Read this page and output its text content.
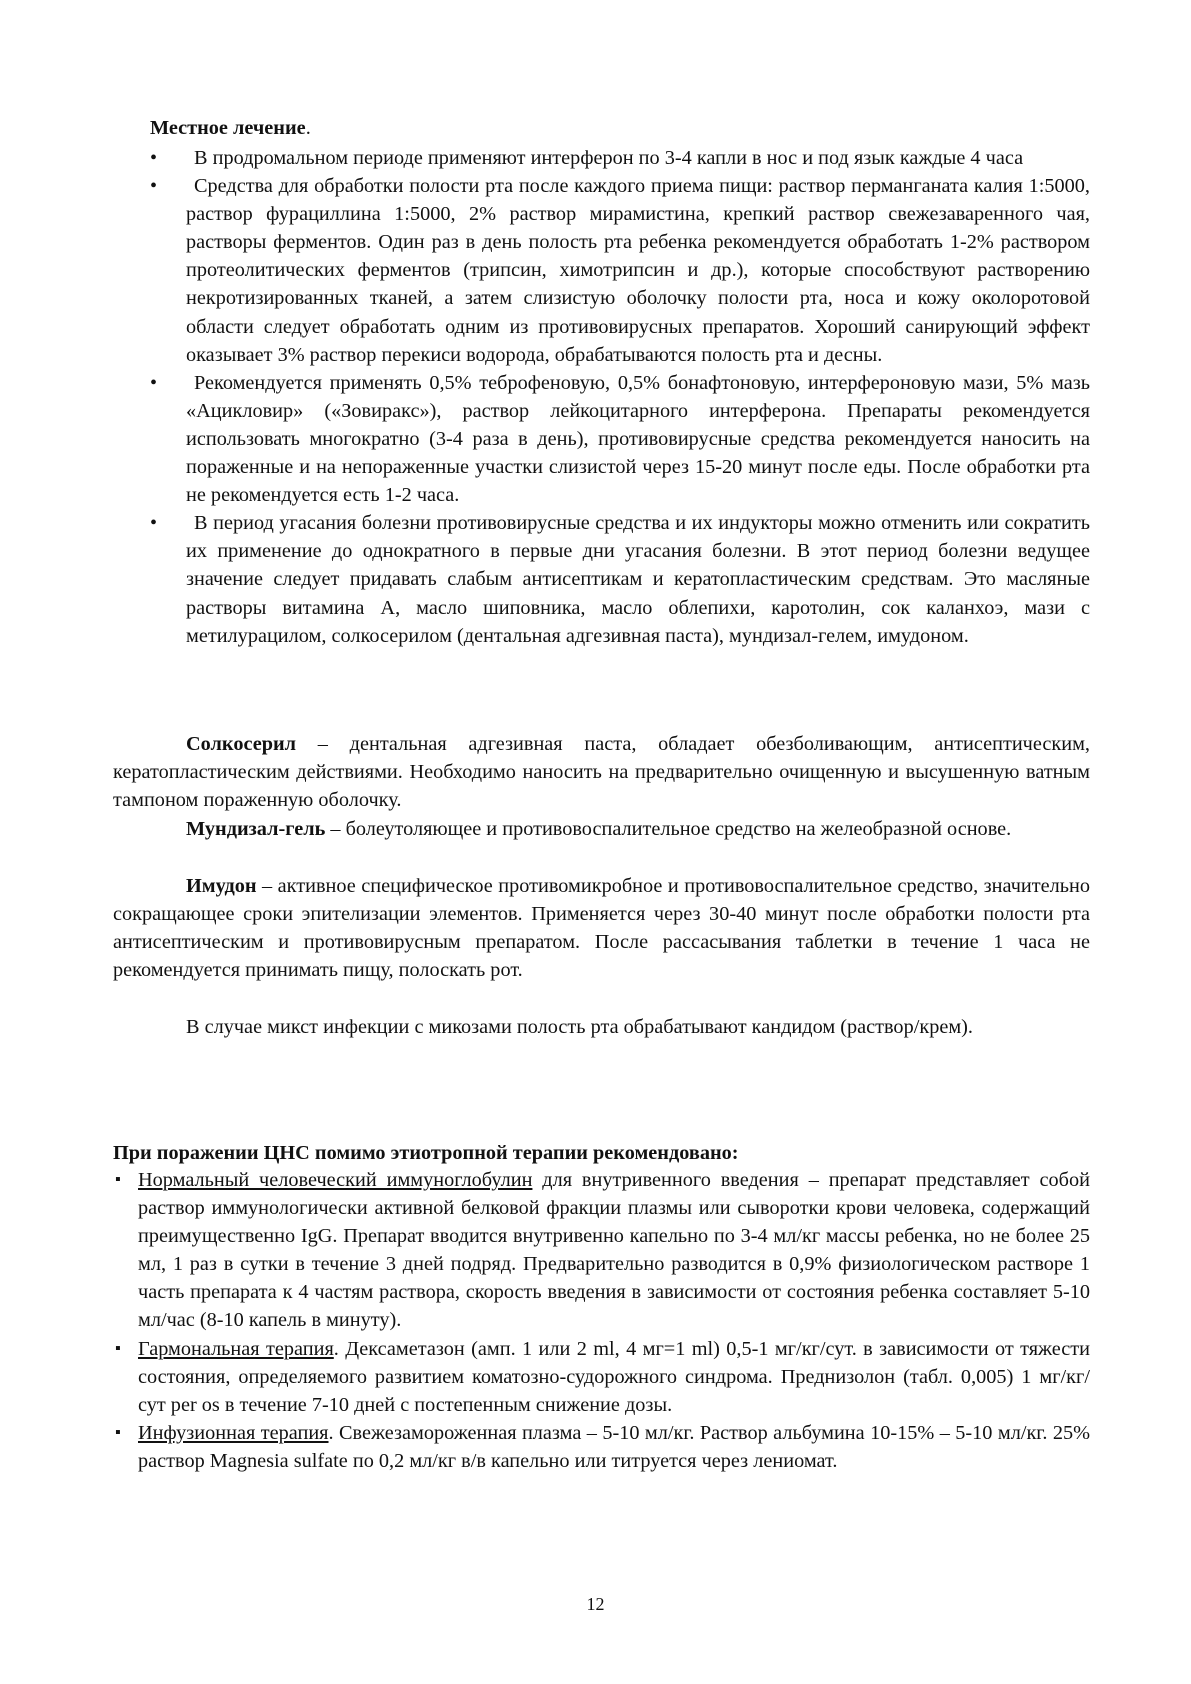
Местное лечение.

• В продромальном периоде применяют интерферон по 3-4 капли в нос и под язык каждые 4 часа
• Средства для обработки полости рта после каждого приема пищи: раствор перманганата калия 1:5000, раствор фурациллина 1:5000, 2% раствор мирамистина, крепкий раствор свежезаваренного чая, растворы ферментов. Один раз в день полость рта ребенка рекомендуется обработать 1-2% раствором протеолитических ферментов (трипсин, химотрипсин и др.), которые способствуют растворению некротизированных тканей, а затем слизистую оболочку полости рта, носа и кожу околоротовой области следует обработать одним из противовирусных препаратов. Хороший санирующий эффект оказывает 3% раствор перекиси водорода, обрабатываются полость рта и десны.
• Рекомендуется применять 0,5% теброфеновую, 0,5% бонафтоновую, интерфероновую мази, 5% мазь «Ацикловир» («Зовиракс»), раствор лейкоцитарного интерферона. Препараты рекомендуется использовать многократно (3-4 раза в день), противовирусные средства рекомендуется наносить на пораженные и на непораженные участки слизистой через 15-20 минут после еды. После обработки рта не рекомендуется есть 1-2 часа.
• В период угасания болезни противовирусные средства и их индукторы можно отменить или сократить их применение до однократного в первые дни угасания болезни. В этот период болезни ведущее значение следует придавать слабым антисептикам и кератопластическим средствам. Это масляные растворы витамина А, масло шиповника, масло облепихи, каротолин, сок каланхоэ, мази с метилурацилом, солкосерилом (дентальная адгезивная паста), мундизал-гелем, имудоном.

Солкосерил – дентальная адгезивная паста, обладает обезболивающим, антисептическим, кератопластическим действиями. Необходимо наносить на предварительно очищенную и высушенную ватным тампоном пораженную оболочку.

Мундизал-гель – болеутоляющее и противовоспалительное средство на желеобразной основе.

Имудон – активное специфическое противомикробное и противовоспалительное средство, значительно сокращающее сроки эпителизации элементов. Применяется через 30-40 минут после обработки полости рта антисептическим и противовирусным препаратом. После рассасывания таблетки в течение 1 часа не рекомендуется принимать пищу, полоскать рот.

В случае микст инфекции с микозами полость рта обрабатывают кандидом (раствор/крем).

При поражении ЦНС помимо этиотропной терапии рекомендовано:

▪ Нормальный человеческий иммуноглобулин для внутривенного введения – препарат представляет собой раствор иммунологически активной белковой фракции плазмы или сыворотки крови человека, содержащий преимущественно IgG. Препарат вводится внутривенно капельно по 3-4 мл/кг массы ребенка, но не более 25 мл, 1 раз в сутки в течение 3 дней подряд. Предварительно разводится в 0,9% физиологическом растворе 1 часть препарата к 4 частям раствора, скорость введения в зависимости от состояния ребенка составляет 5-10 мл/час (8-10 капель в минуту).
▪ Гармональная терапия. Дексаметазон (амп. 1 или 2 ml, 4 мг=1 ml) 0,5-1 мг/кг/сут. в зависимости от тяжести состояния, определяемого развитием коматозно-судорожного синдрома. Преднизолон (табл. 0,005) 1 мг/кг/сут per os в течение 7-10 дней с постепенным снижение дозы.
▪ Инфузионная терапия. Свежезамороженная плазма – 5-10 мл/кг. Раствор альбумина 10-15% – 5-10 мл/кг. 25% раствор Magnesia sulfate по 0,2 мл/кг в/в капельно или титруется через лениомат.
12
